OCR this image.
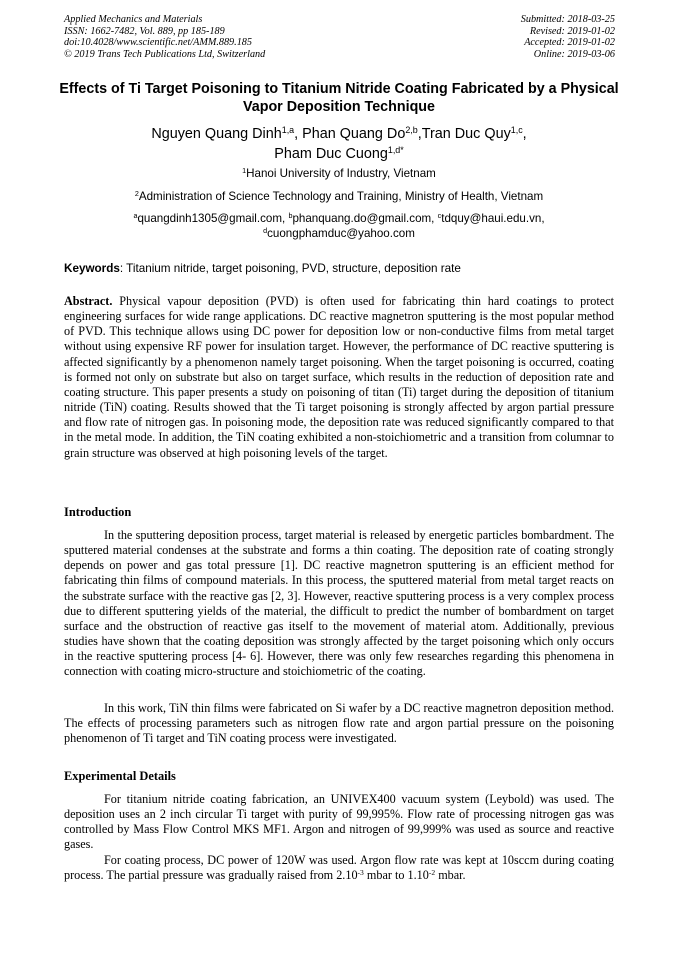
Applied Mechanics and Materials
ISSN: 1662-7482, Vol. 889, pp 185-189
doi:10.4028/www.scientific.net/AMM.889.185
© 2019 Trans Tech Publications Ltd, Switzerland
Submitted: 2018-03-25
Revised: 2019-01-02
Accepted: 2019-01-02
Online: 2019-03-06
Effects of Ti Target Poisoning to Titanium Nitride Coating Fabricated by a Physical Vapor Deposition Technique
Nguyen Quang Dinh$^{1,a}$, Phan Quang Do$^{2,b}$,Tran Duc Quy$^{1,c}$,
Pham Duc Cuong$^{1,d*}$
$^1$Hanoi University of Industry, Vietnam
$^2$Administration of Science Technology and Training, Ministry of Health, Vietnam
$^a$quangdinh1305@gmail.com, $^b$phanquang.do@gmail.com, $^c$tdquy@haui.edu.vn,
$^d$cuongphamduc@yahoo.com
Keywords: Titanium nitride, target poisoning, PVD, structure, deposition rate
Abstract. Physical vapour deposition (PVD) is often used for fabricating thin hard coatings to protect engineering surfaces for wide range applications. DC reactive magnetron sputtering is the most popular method of PVD. This technique allows using DC power for deposition low or non-conductive films from metal target without using expensive RF power for insulation target. However, the performance of DC reactive sputtering is affected significantly by a phenomenon namely target poisoning. When the target poisoning is occurred, coating is formed not only on substrate but also on target surface, which results in the reduction of deposition rate and coating structure. This paper presents a study on poisoning of titan (Ti) target during the deposition of titanium nitride (TiN) coating. Results showed that the Ti target poisoning is strongly affected by argon partial pressure and flow rate of nitrogen gas. In poisoning mode, the deposition rate was reduced significantly compared to that in the metal mode. In addition, the TiN coating exhibited a non-stoichiometric and a transition from columnar to grain structure was observed at high poisoning levels of the target.
Introduction
In the sputtering deposition process, target material is released by energetic particles bombardment. The sputtered material condenses at the substrate and forms a thin coating. The deposition rate of coating strongly depends on power and gas total pressure [1]. DC reactive magnetron sputtering is an efficient method for fabricating thin films of compound materials. In this process, the sputtered material from metal target reacts on the substrate surface with the reactive gas [2, 3]. However, reactive sputtering process is a very complex process due to different sputtering yields of the material, the difficult to predict the number of bombardment on target surface and the obstruction of reactive gas itself to the movement of material atom. Additionally, previous studies have shown that the coating deposition was strongly affected by the target poisoning which only occurs in the reactive sputtering process [4- 6]. However, there was only few researches regarding this phenomena in connection with coating micro-structure and stoichiometric of the coating.
In this work, TiN thin films were fabricated on Si wafer by a DC reactive magnetron deposition method. The effects of processing parameters such as nitrogen flow rate and argon partial pressure on the poisoning phenomenon of Ti target and TiN coating process were investigated.
Experimental Details
For titanium nitride coating fabrication, an UNIVEX400 vacuum system (Leybold) was used. The deposition uses an 2 inch circular Ti target with purity of 99,995%. Flow rate of processing nitrogen gas was controlled by Mass Flow Control MKS MF1. Argon and nitrogen of 99,999% was used as source and reactive gases.
For coating process, DC power of 120W was used. Argon flow rate was kept at 10sccm during coating process. The partial pressure was gradually raised from $2.10^{-3}$ mbar to $1.10^{-2}$ mbar.
